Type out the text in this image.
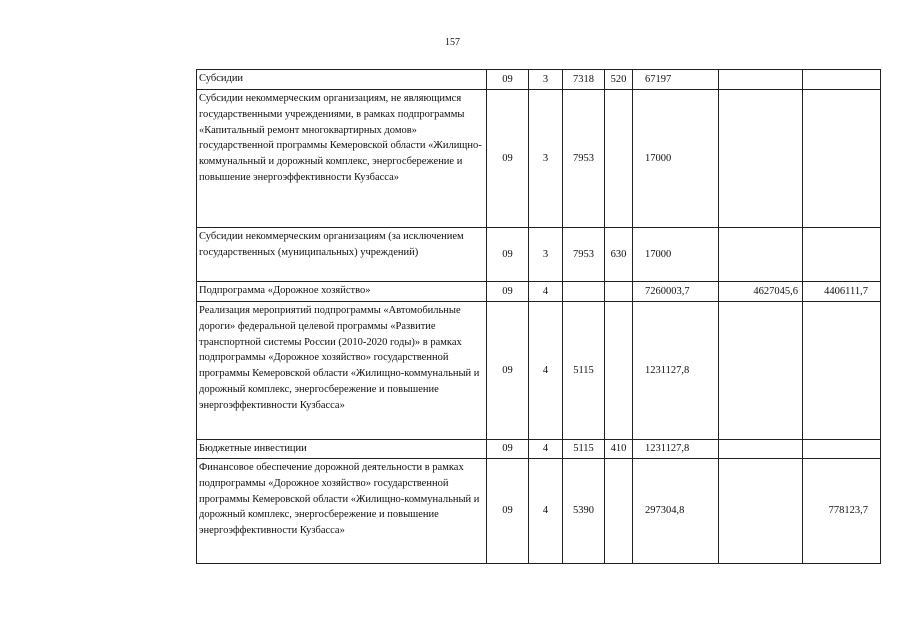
157
Субсидии	09	3	7318	520	67197		
Субсидии некоммерческим организациям, не являющимся государственными учреждениями, в рамках подпрограммы «Капитальный ремонт многоквартирных домов» государственной программы Кемеровской области «Жилищно-коммунальный и дорожный комплекс, энергосбережение и повышение энергоэффективности Кузбасса»	09	3	7953		17000		
Субсидии некоммерческим организациям (за исключением государственных (муниципальных) учреждений)	09	3	7953	630	17000		
Подпрограмма «Дорожное хозяйство»	09	4			7260003,7	4627045,6	4406111,7
Реализация мероприятий подпрограммы «Автомобильные дороги» федеральной целевой программы «Развитие транспортной системы России (2010-2020 годы)» в рамках подпрограммы «Дорожное хозяйство» государственной программы Кемеровской области «Жилищно-коммунальный и дорожный комплекс, энергосбережение и повышение энергоэффективности Кузбасса»	09	4	5115		1231127,8		
Бюджетные инвестиции	09	4	5115	410	1231127,8		
Финансовое обеспечение дорожной деятельности в рамках подпрограммы «Дорожное хозяйство» государственной программы Кемеровской области «Жилищно-коммунальный и дорожный комплекс, энергосбережение и повышение энергоэффективности Кузбасса»	09	4	5390		297304,8		778123,7
